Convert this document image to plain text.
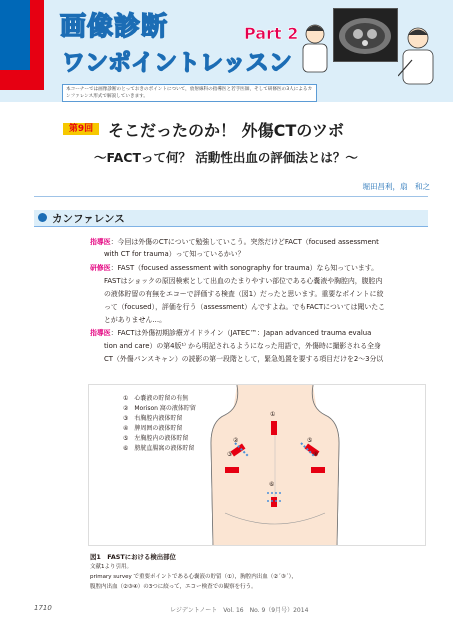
画像診断
ワンポイントレッスン
Part 2
本コーナーでは画像診断のとっておきのポイントについて，放射線科の指導医と若手医師，そして研修医の3人によるカンファレンス形式で解説していきます。
第9回 そこだったのか！ 外傷CTのツボ
〜FACTって何？ 活動性出血の評価法とは？〜
堀田昌利，扇　和之
カンファレンス
指導医：今回は外傷のCTについて勉強していこう。突然だけどFACT（focused assessment
with CT for trauma）って知っているかい？
研修医：FAST（focused assessment with sonography for trauma）なら知っています。
FASTはショックの原因検索として出血のたまりやすい部位である心嚢液や胸腔内，腹腔内
の液体貯留の有無をエコーで評価する検査（図1）だったと思います。重要なポイントに絞
って（focused），評価を行う（assessment）んですよね。でもFACTについては聞いたこ
とがありません…。
指導医：FACTは外傷初期診療ガイドライン（JATEC™：Japan advanced trauma evalua
tion and care）の第4版¹⁾ から明記されるようになった用語で，外傷時に撮影される全身
CT（外傷パンスキャン）の読影の第一段階として，緊急処置を要する項目だけを2〜3分以
①　心嚢液の貯留の有無
②　Morison 窩の液体貯留
③　右胸腔内液体貯留
④　脾周囲の液体貯留
⑤　左胸腔内の液体貯留
⑥　膀胱直腸窩の液体貯留
①
②
③
⑤
④
⑥
図1　FASTにおける検出部位
文献1より引用。
primary survey で重要ポイントである心嚢液の貯留（①），胸腔内出血（②´③´），
腹腔内出血（②③④）の3つに絞って，エコー検査での観察を行う。
1710	レジデントノート　Vol. 16　No. 9（9月号）2014
